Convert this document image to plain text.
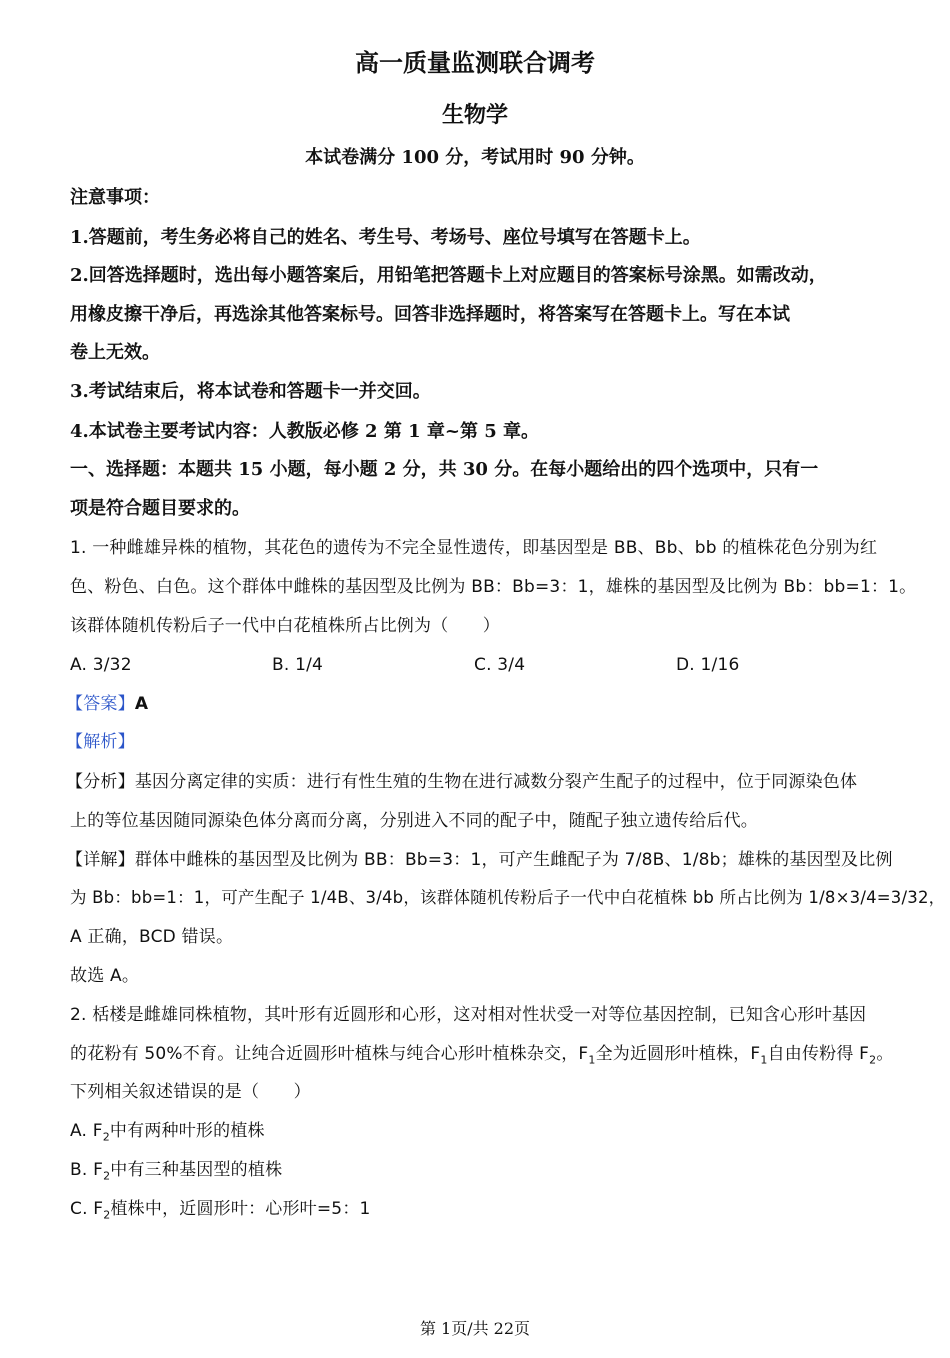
高一质量监测联合调考
生物学
本试卷满分 100 分，考试用时 90 分钟。
注意事项：
1.答题前，考生务必将自己的姓名、考生号、考场号、座位号填写在答题卡上。
2.回答选择题时，选出每小题答案后，用铅笔把答题卡上对应题目的答案标号涂黑。如需改动，
用橡皮擦干净后，再选涂其他答案标号。回答非选择题时，将答案写在答题卡上。写在本试
卷上无效。
3.考试结束后，将本试卷和答题卡一并交回。
4.本试卷主要考试内容：人教版必修 2 第 1 章~第 5 章。
一、选择题：本题共 15 小题，每小题 2 分，共 30 分。在每小题给出的四个选项中，只有一
项是符合题目要求的。
1. 一种雌雄异株的植物，其花色的遗传为不完全显性遗传，即基因型是 BB、Bb、bb 的植株花色分别为红
色、粉色、白色。这个群体中雌株的基因型及比例为 BB：Bb=3：1，雄株的基因型及比例为 Bb：bb=1：1。
该群体随机传粉后子一代中白花植株所占比例为（　　）
A. 3/32	B. 1/4	C. 3/4	D. 1/16
【答案】A
【解析】
【分析】基因分离定律的实质：进行有性生殖的生物在进行减数分裂产生配子的过程中，位于同源染色体
上的等位基因随同源染色体分离而分离，分别进入不同的配子中，随配子独立遗传给后代。
【详解】群体中雌株的基因型及比例为 BB：Bb=3：1，可产生雌配子为 7/8B、1/8b；雄株的基因型及比例
为 Bb：bb=1：1，可产生配子 1/4B、3/4b，该群体随机传粉后子一代中白花植株 bb 所占比例为 1/8×3/4=3/32，
A 正确，BCD 错误。
故选 A。
2. 栝楼是雌雄同株植物，其叶形有近圆形和心形，这对相对性状受一对等位基因控制，已知含心形叶基因
的花粉有 50%不育。让纯合近圆形叶植株与纯合心形叶植株杂交，$F_1$全为近圆形叶植株，$F_1$自由传粉得 $F_2$。
下列相关叙述错误的是（　　）
A. $F_2$中有两种叶形的植株
B. $F_2$中有三种基因型的植株
C. $F_2$植株中，近圆形叶：心形叶=5：1
第 1页/共 22页
